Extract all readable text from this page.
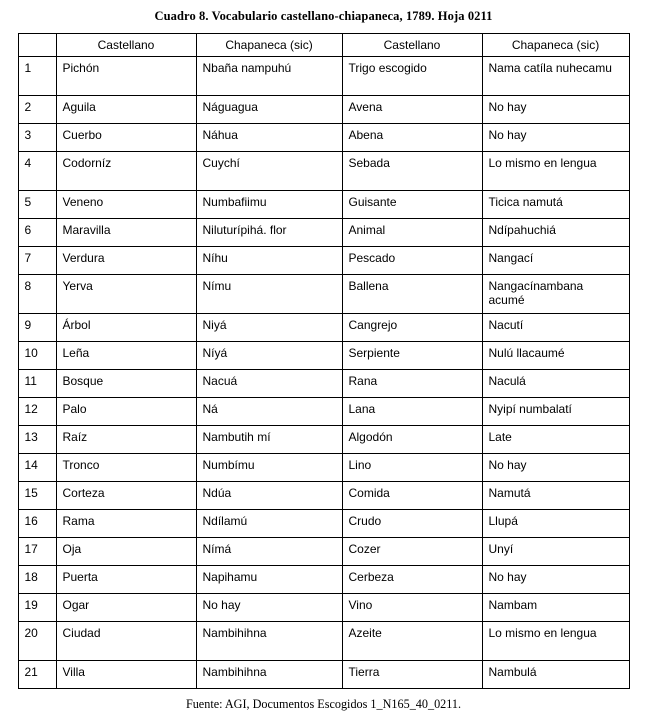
Cuadro 8. Vocabulario castellano-chiapaneca, 1789. Hoja 0211
	Castellano	Chapaneca (sic)	Castellano	Chapaneca (sic)
1	Pichón	Nbaña nampuhú	Trigo escogido	Nama catíla nuhecamu
2	Aguila	Náguagua	Avena	No hay
3	Cuerbo	Náhua	Abena	No hay
4	Codorníz	Cuychí	Sebada	Lo mismo en lengua
5	Veneno	Numbafiimu	Guisante	Ticica namutá
6	Maravilla	Niluturípihá. flor	Animal	Ndípahuchiá
7	Verdura	Níhu	Pescado	Nangací
8	Yerva	Nímu	Ballena	Nangacínambana acumé
9	Árbol	Niyá	Cangrejo	Nacutí
10	Leña	Níyá	Serpiente	Nulú llacaumé
11	Bosque	Nacuá	Rana	Naculá
12	Palo	Ná	Lana	Nyipí numbalatí
13	Raíz	Nambutih mí	Algodón	Late
14	Tronco	Numbímu	Lino	No hay
15	Corteza	Ndúa	Comida	Namutá
16	Rama	Ndílamú	Crudo	Llupá
17	Oja	Nímá	Cozer	Unyí
18	Puerta	Napihamu	Cerbeza	No hay
19	Ogar	No hay	Vino	Nambam
20	Ciudad	Nambihihna	Azeite	Lo mismo en lengua
21	Villa	Nambihihna	Tierra	Nambulá
Fuente: AGI, Documentos Escogidos 1_N165_40_0211.
